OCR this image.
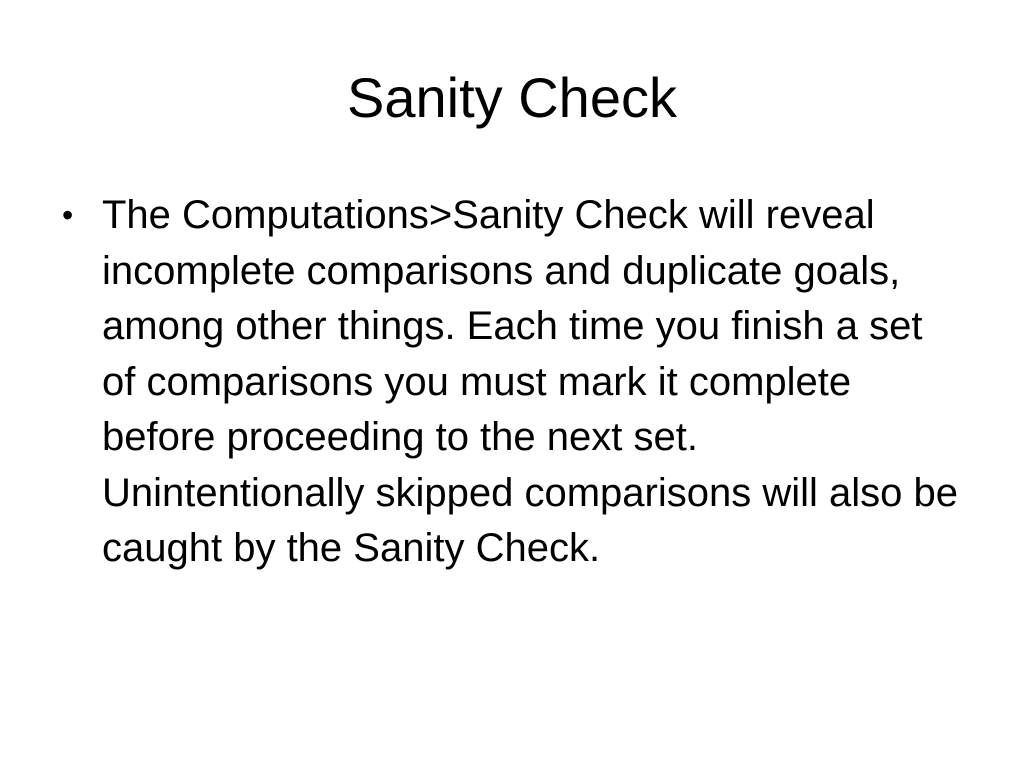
Sanity Check
• The Computations>Sanity Check will reveal incomplete comparisons and duplicate goals, among other things. Each time you finish a set of comparisons you must mark it complete before proceeding to the next set. Unintentionally skipped comparisons will also be caught by the Sanity Check.
